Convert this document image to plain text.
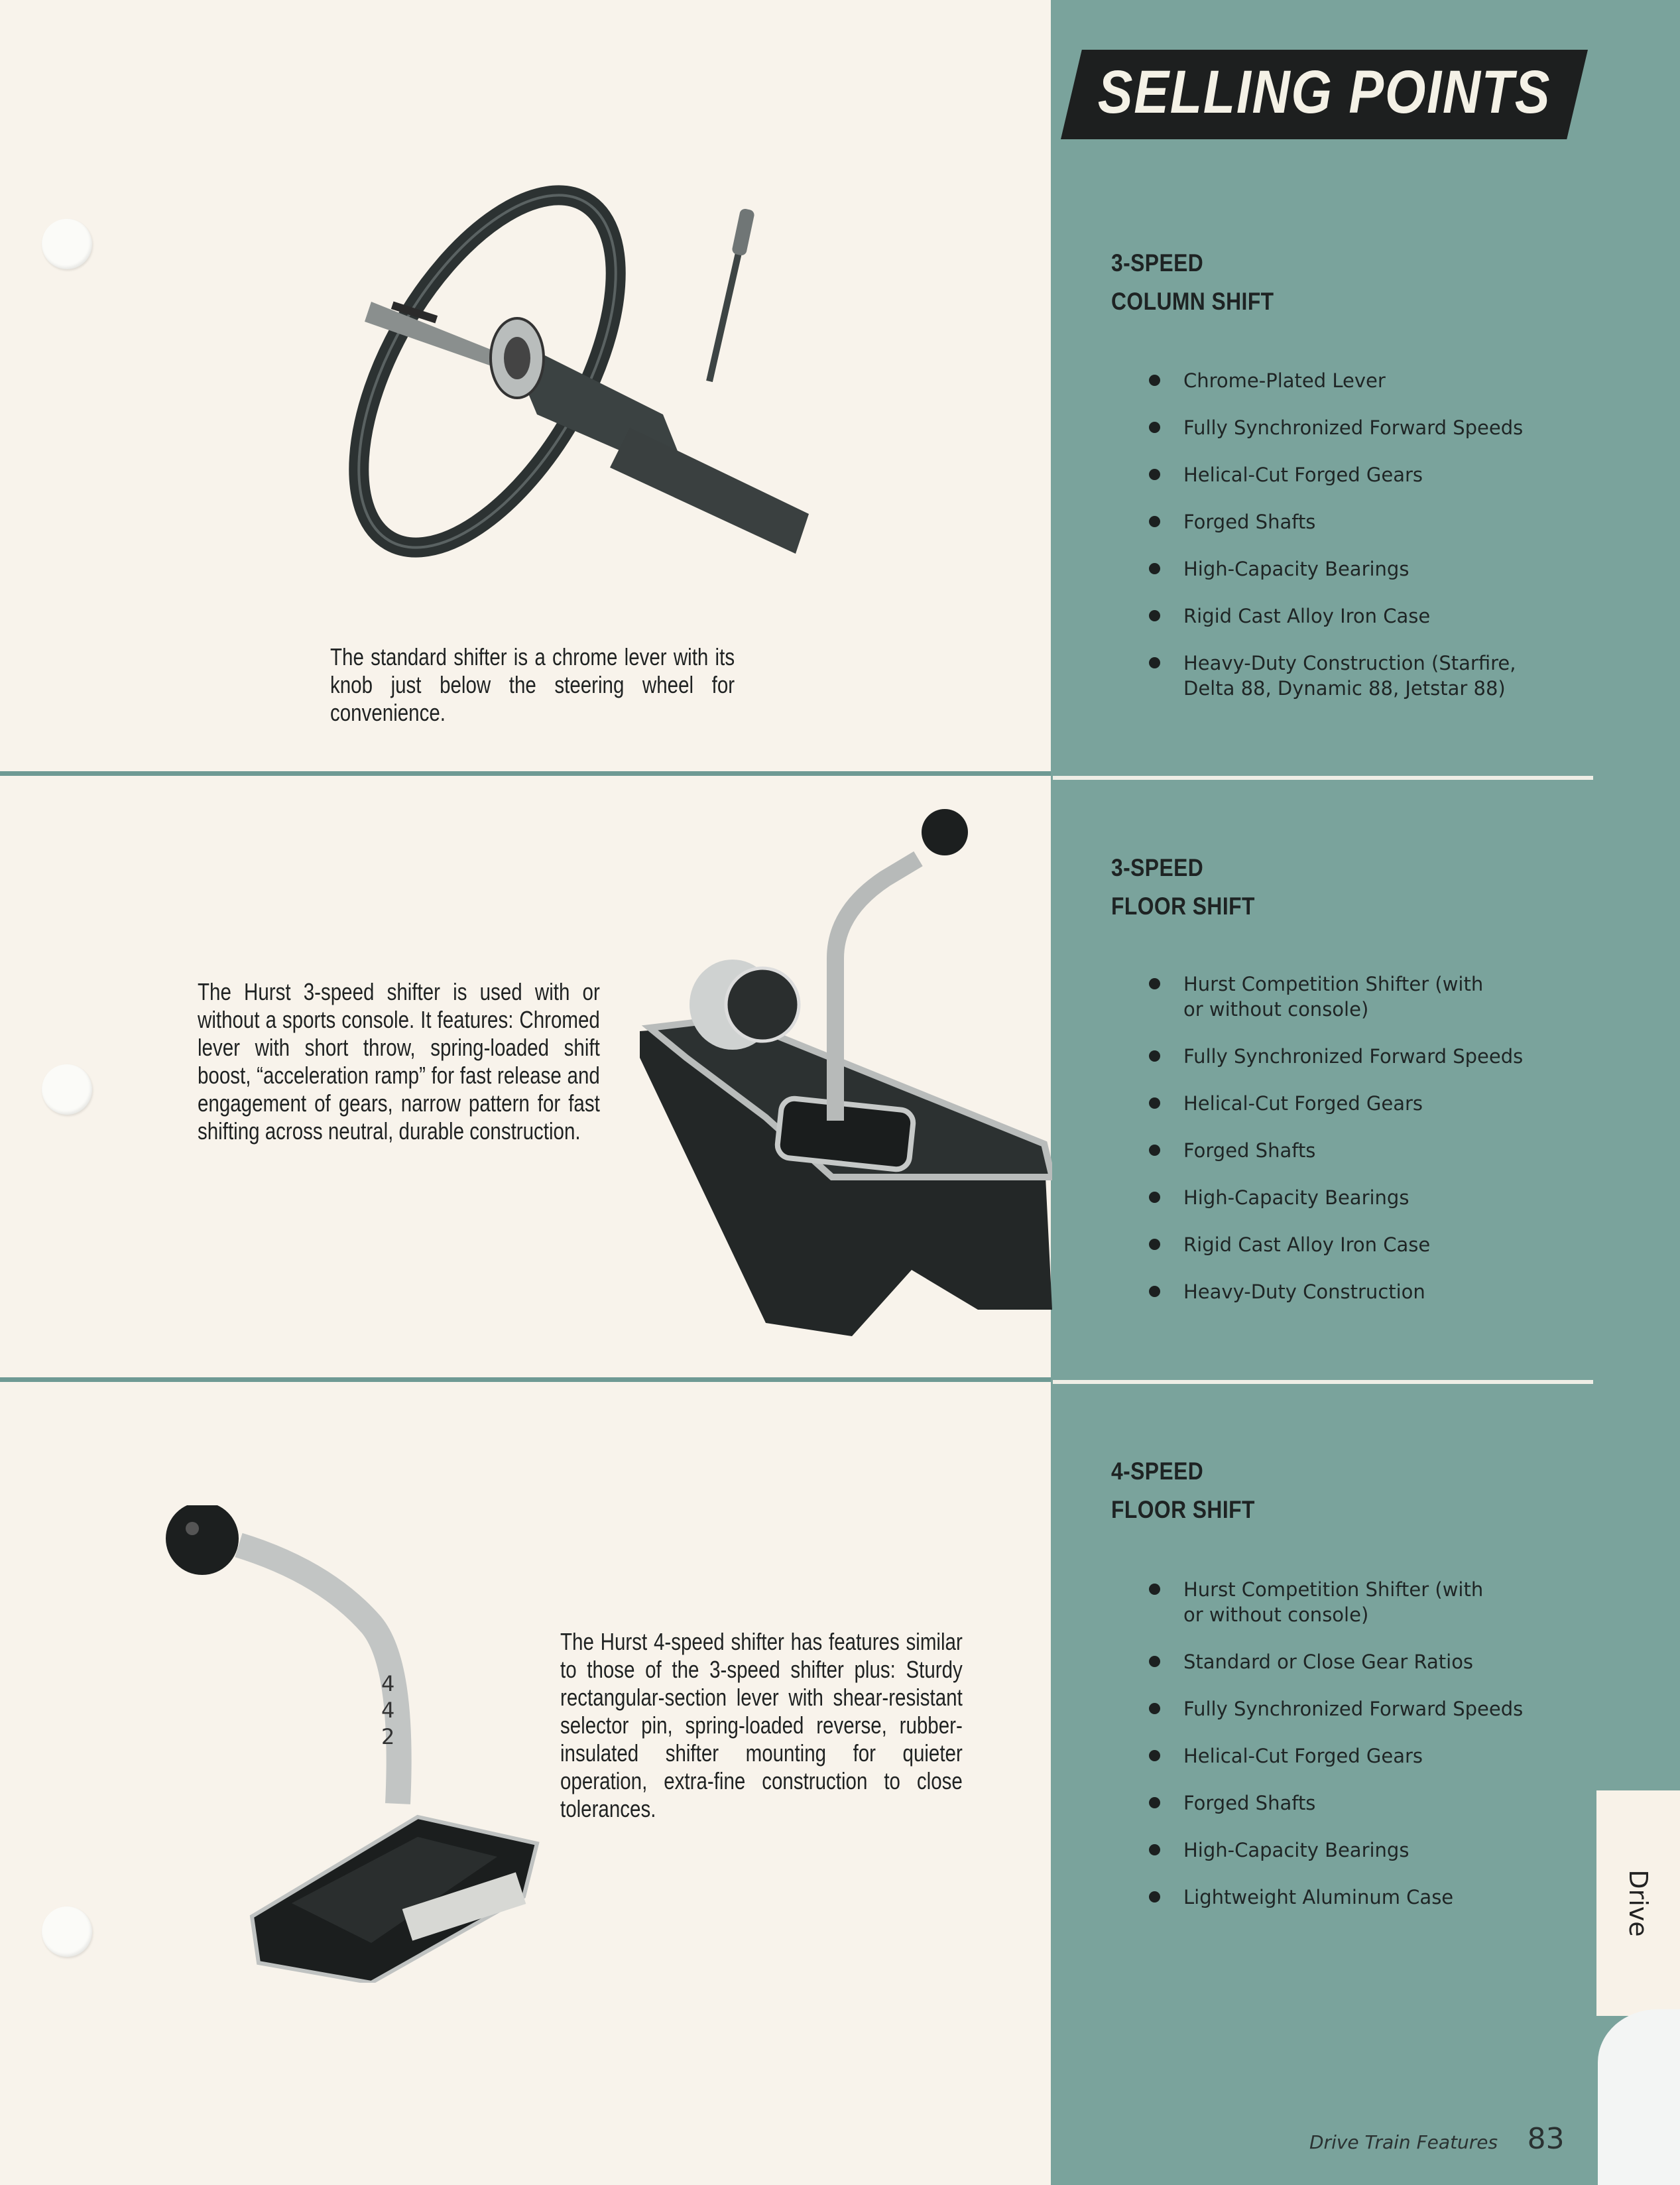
SELLING POINTS
3-SPEED
COLUMN SHIFT
Chrome-Plated Lever
Fully Synchronized Forward Speeds
Helical-Cut Forged Gears
Forged Shafts
High-Capacity Bearings
Rigid Cast Alloy Iron Case
Heavy-Duty Construction (Starfire, Delta 88, Dynamic 88, Jetstar 88)
The standard shifter is a chrome lever with its knob just below the steering wheel for convenience.
3-SPEED
FLOOR SHIFT
Hurst Competition Shifter (with or without console)
Fully Synchronized Forward Speeds
Helical-Cut Forged Gears
Forged Shafts
High-Capacity Bearings
Rigid Cast Alloy Iron Case
Heavy-Duty Construction
The Hurst 3-speed shifter is used with or without a sports console. It features: Chromed lever with short throw, spring-loaded shift boost, “acceleration ramp” for fast release and engagement of gears, narrow pattern for fast shifting across neutral, durable construction.
4-SPEED
FLOOR SHIFT
Hurst Competition Shifter (with or without console)
Standard or Close Gear Ratios
Fully Synchronized Forward Speeds
Helical-Cut Forged Gears
Forged Shafts
High-Capacity Bearings
Lightweight Aluminum Case
4
4
2
The Hurst 4-speed shifter has features similar to those of the 3-speed shifter plus: Sturdy rectangular-section lever with shear-resistant selector pin, spring-loaded reverse, rubber-insulated shifter mounting for quieter operation, extra-fine construction to close tolerances.
Drive Train Features 83
Drive
